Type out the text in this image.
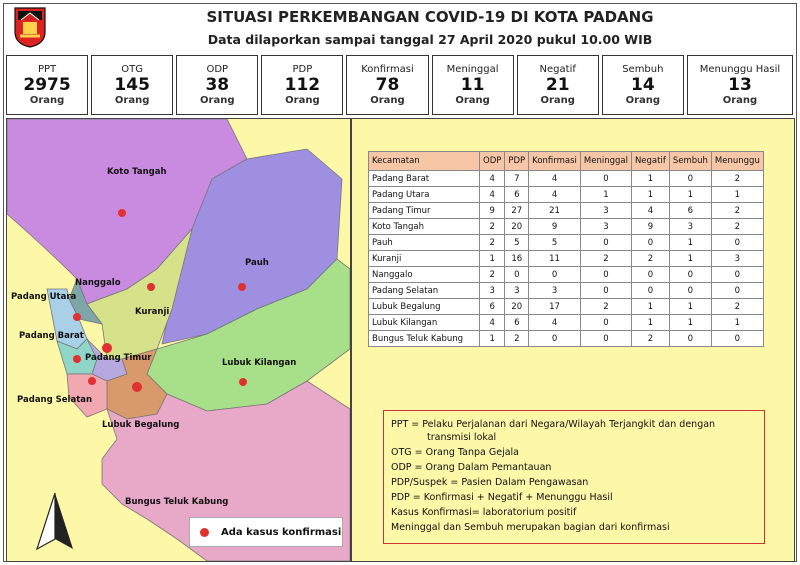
SITUASI PERKEMBANGAN COVID-19 DI KOTA PADANG
Data dilaporkan sampai tanggal 27 April 2020 pukul 10.00 WIB
PPT
2975
Orang
OTG
145
Orang
ODP
38
Orang
PDP
112
Orang
Konfirmasi
78
Orang
Meninggal
11
Orang
Negatif
21
Orang
Sembuh
14
Orang
Menunggu Hasil
13
Orang
Koto Tangah
Pauh
Nanggalo
Padang Utara
Kuranji
Padang Barat
Padang Timur	Lubuk Kilangan
Padang Selatan
Lubuk Begalung
Bungus Teluk Kabung
Ada kasus konfirmasi
Kecamatan	ODP	PDP	Konfirmasi	Meninggal	Negatif	Sembuh	Menunggu
Padang Barat	4	7	4	0	1	0	2
Padang Utara	4	6	4	1	1	1	1
Padang Timur	9	27	21	3	4	6	2
Koto Tangah	2	20	9	3	9	3	2
Pauh	2	5	5	0	0	1	0
Kuranji	1	16	11	2	2	1	3
Nanggalo	2	0	0	0	0	0	0
Padang Selatan	3	3	3	0	0	0	0
Lubuk Begalung	6	20	17	2	1	1	2
Lubuk Kilangan	4	6	4	0	1	1	1
Bungus Teluk Kabung	1	2	0	0	2	0	0
PPT = Pelaku Perjalanan dari Negara/Wilayah Terjangkit dan dengan
transmisi lokal
OTG = Orang Tanpa Gejala
ODP = Orang Dalam Pemantauan
PDP/Suspek = Pasien Dalam Pengawasan
PDP = Konfirmasi + Negatif + Menunggu Hasil
Kasus Konfirmasi= laboratorium positif
Meninggal dan Sembuh merupakan bagian dari konfirmasi
